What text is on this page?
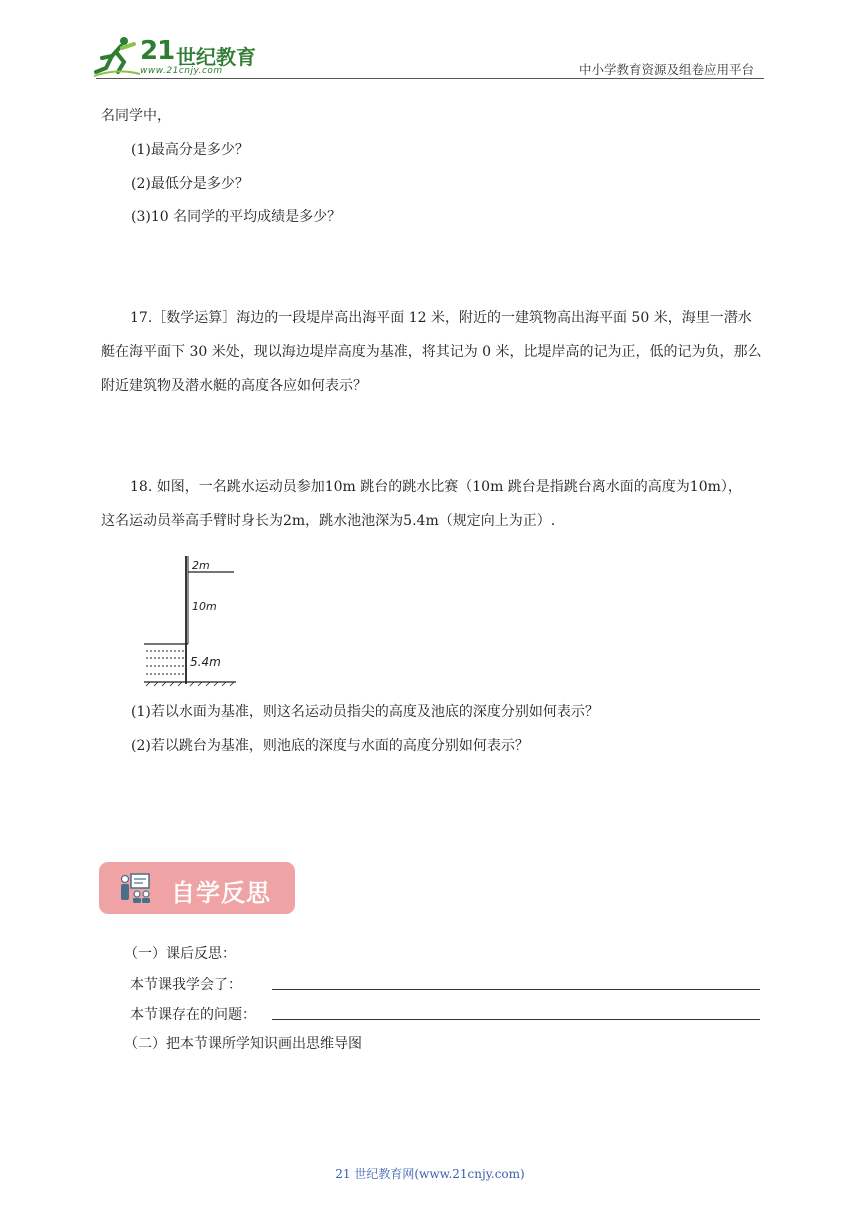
21 世纪教育
www.21cnjy.com	中小学教育资源及组卷应用平台
名同学中，
(1)最高分是多少？
(2)最低分是多少？
(3)10 名同学的平均成绩是多少？
17.［数学运算］海边的一段堤岸高出海平面 12 米，附近的一建筑物高出海平面 50 米，海里一潜水
艇在海平面下 30 米处，现以海边堤岸高度为基准，将其记为 0 米，比堤岸高的记为正，低的记为负，那么
附近建筑物及潜水艇的高度各应如何表示？
18. 如图，一名跳水运动员参加10m 跳台的跳水比赛（10m 跳台是指跳台离水面的高度为10m），
这名运动员举高手臂时身长为2m，跳水池池深为5.4m（规定向上为正）.
2m
10m
5.4m
(1)若以水面为基准，则这名运动员指尖的高度及池底的深度分别如何表示？
(2)若以跳台为基准，则池底的深度与水面的高度分别如何表示？
自学反思
（一）课后反思：
本节课我学会了：
本节课存在的问题：
（二）把本节课所学知识画出思维导图
21 世纪教育网(www.21cnjy.com)
